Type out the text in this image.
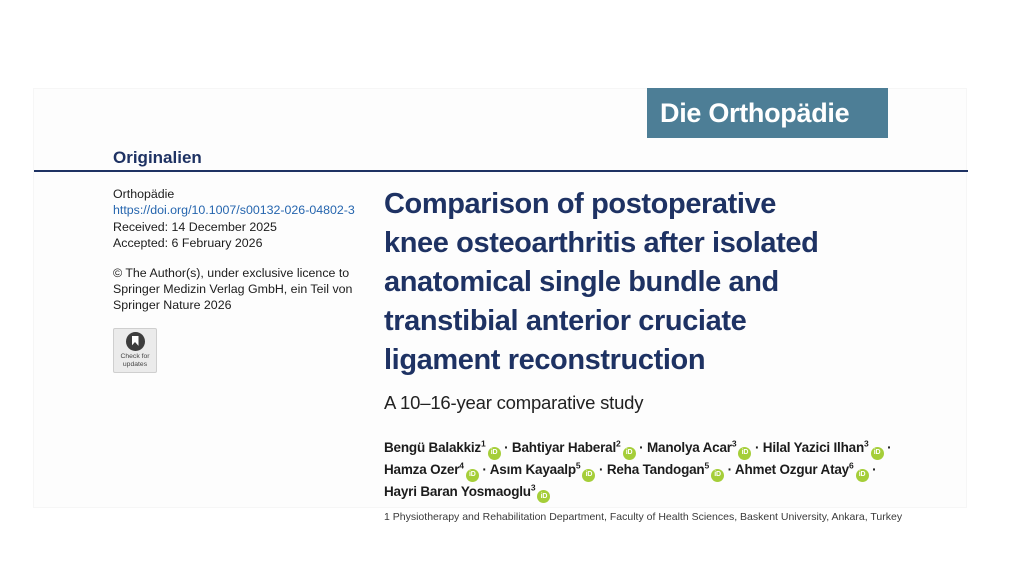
Die Orthopädie
Originalien
Orthopädie
https://doi.org/10.1007/s00132-026-04802-3
Received: 14 December 2025
Accepted: 6 February 2026
© The Author(s), under exclusive licence to Springer Medizin Verlag GmbH, ein Teil von Springer Nature 2026
Check for
updates
Comparison of postoperative
knee osteoarthritis after isolated
anatomical single bundle and
transtibial anterior cruciate
ligament reconstruction
A 10–16-year comparative study
Bengü Balakkiz$^1$iD · Bahtiyar Haberal$^2$iD · Manolya Acar$^3$iD · Hilal Yazici Ilhan$^3$iD ·
Hamza Ozer$^4$iD · Asım Kayaalp$^5$iD · Reha Tandogan$^5$iD · Ahmet Ozgur Atay$^6$iD ·
Hayri Baran Yosmaoglu$^3$iD
1 Physiotherapy and Rehabilitation Department, Faculty of Health Sciences, Baskent University, Ankara, Turkey
